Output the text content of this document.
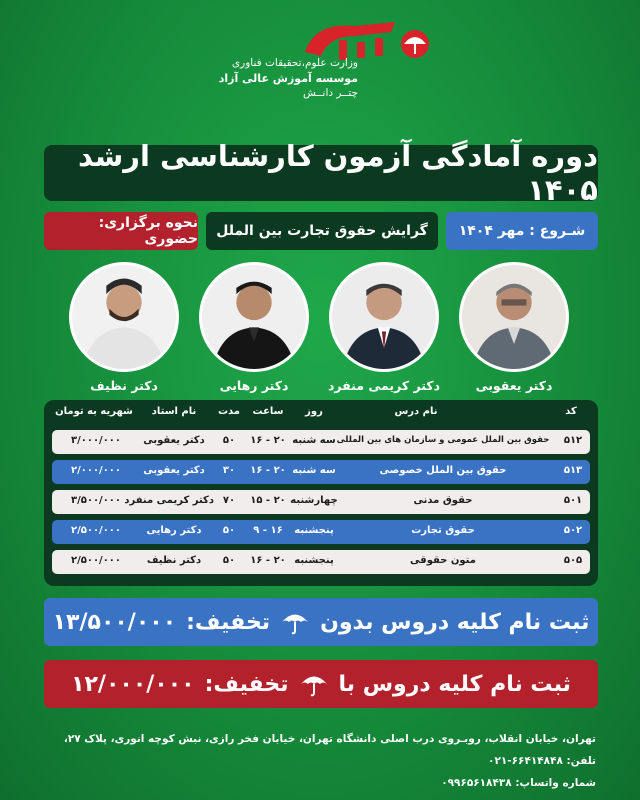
وزارت علوم،تحقیقات فناوری
موسسه آموزش عالی آزاد
چتــر دانــش
دوره آمادگی آزمون کارشناسی ارشد ۱۴۰۵
شـروع : مهر ۱۴۰۴
گرایش حقوق تجارت بین الملل
نحوه برگزاری: حضوری
دکتر یعقوبی
دکتر کریمی منفرد
دکتر رهایی
دکتر نظیف
کد
نام درس
روز
ساعت
مدت
نام استاد
شهریه به تومان
۵۱۲
حقوق بین الملل عمومی و سازمان های بین المللی
سه شنبه
۲۰ - ۱۶
۵۰
دکتر یعقوبی
۳/۰۰۰/۰۰۰
۵۱۳
حقوق بین الملل خصوصی
سه شنبه
۲۰ - ۱۶
۳۰
دکتر یعقوبی
۲/۰۰۰/۰۰۰
۵۰۱
حقوق مدنی
چهارشنبه
۲۰ - ۱۵
۷۰
دکتر کریمی منفرد
۳/۵۰۰/۰۰۰
۵۰۲
حقوق تجارت
پنجشنبه
۱۶ - ۹
۵۰
دکتر رهایی
۲/۵۰۰/۰۰۰
۵۰۵
متون حقوقی
پنجشنبه
۲۰ - ۱۶
۵۰
دکتر نظیف
۲/۵۰۰/۰۰۰
ثبت نام کلیه دروس بدون
تخفیف:
۱۳/۵۰۰/۰۰۰
ثبت نام کلیه دروس با
تخفیف:
۱۲/۰۰۰/۰۰۰
تهران، خیابان انقلاب، روبـروی درب اصلی دانشگاه تهران، خیابان فخر رازی، نبش کوچه انوری، پلاک ۲۷، تلفن: ۶۶۴۱۴۸۴۸-۰۲۱
شماره واتساپ: ۰۹۹۶۵۶۱۸۴۳۸
